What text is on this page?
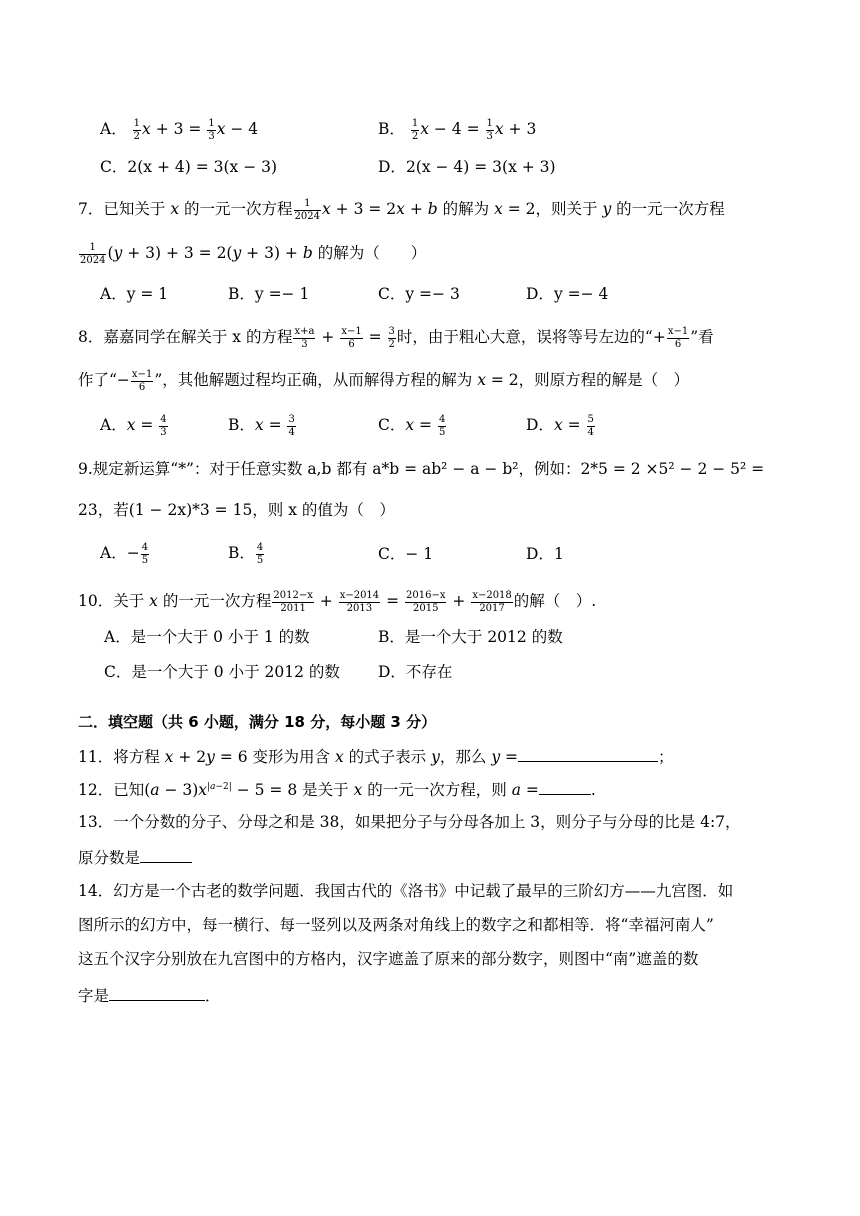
A． $\frac{1}{2}$ $x + 3 = \frac{1}{3}$ x − 4	B． $\frac{1}{2}$ $x - 4 = \frac{1}{3}$ x + 3
C．2(x + 4) = 3(x − 3)	D．2(x − 4) = 3(x + 3)
7．已知关于 x 的一元一次方程 $\frac{1}{2024}$ x + 3 = 2x + b 的解为 x = 2，则关于 y 的一元一次方程
$\frac{1}{2024} (y + 3) + 3 = 2(y + 3) + b$ 的解为（　　）
A．y = 1	B．y =− 1	C．y =− 3	D．y =− 4
8．嘉嘉同学在解关于 x 的方程 $\frac{x+a}{3} + \frac{x-1}{6} = \frac{3}{2}$ 时，由于粗心大意，误将等号左边的“+ $\frac{x-1}{6}$ ”看
作了“− $\frac{x-1}{6}$ ”，其他解题过程均正确，从而解得方程的解为 x = 2，则原方程的解是（　）
A．$x = \frac{4}{3}$	B．$x = \frac{3}{4}$	C．$x = \frac{4}{5}$	D．$x = \frac{5}{4}$
9.规定新运算“*”：对于任意实数 a,b 都有 a*b = ab² − a − b²，例如：2*5 = 2 ×5² − 2 − 5² =
23，若(1 − 2x)*3 = 15，则 x 的值为（　）
A．− $\frac{4}{5}$	B． $\frac{4}{5}$	C．− 1	D．1
10．关于 x 的一元一次方程 $\frac{2012-x}{2011} + \frac{x-2014}{2013} = \frac{2016-x}{2015} + \frac{x-2018}{2017}$ 的解（　）.
A．是一个大于 0 小于 1 的数	B．是一个大于 2012 的数
C．是一个大于 0 小于 2012 的数 D．不存在
二．填空题（共 6 小题，满分 18 分，每小题 3 分）
11．将方程 x + 2y = 6 变形为用含 x 的式子表示 y，那么 y =	；
12．已知$(a - 3)x^{|a-2|} - 5 = 8$ 是关于 x 的一元一次方程，则 a =	.
13．一个分数的分子、分母之和是 38，如果把分子与分母各加上 3，则分子与分母的比是 4:7，
原分数是
14．幻方是一个古老的数学问题．我国古代的《洛书》中记载了最早的三阶幻方——九宫图．如
图所示的幻方中，每一横行、每一竖列以及两条对角线上的数字之和都相等．将“幸福河南人”
这五个汉字分别放在九宫图中的方格内，汉字遮盖了原来的部分数字，则图中“南”遮盖的数
字是	．
